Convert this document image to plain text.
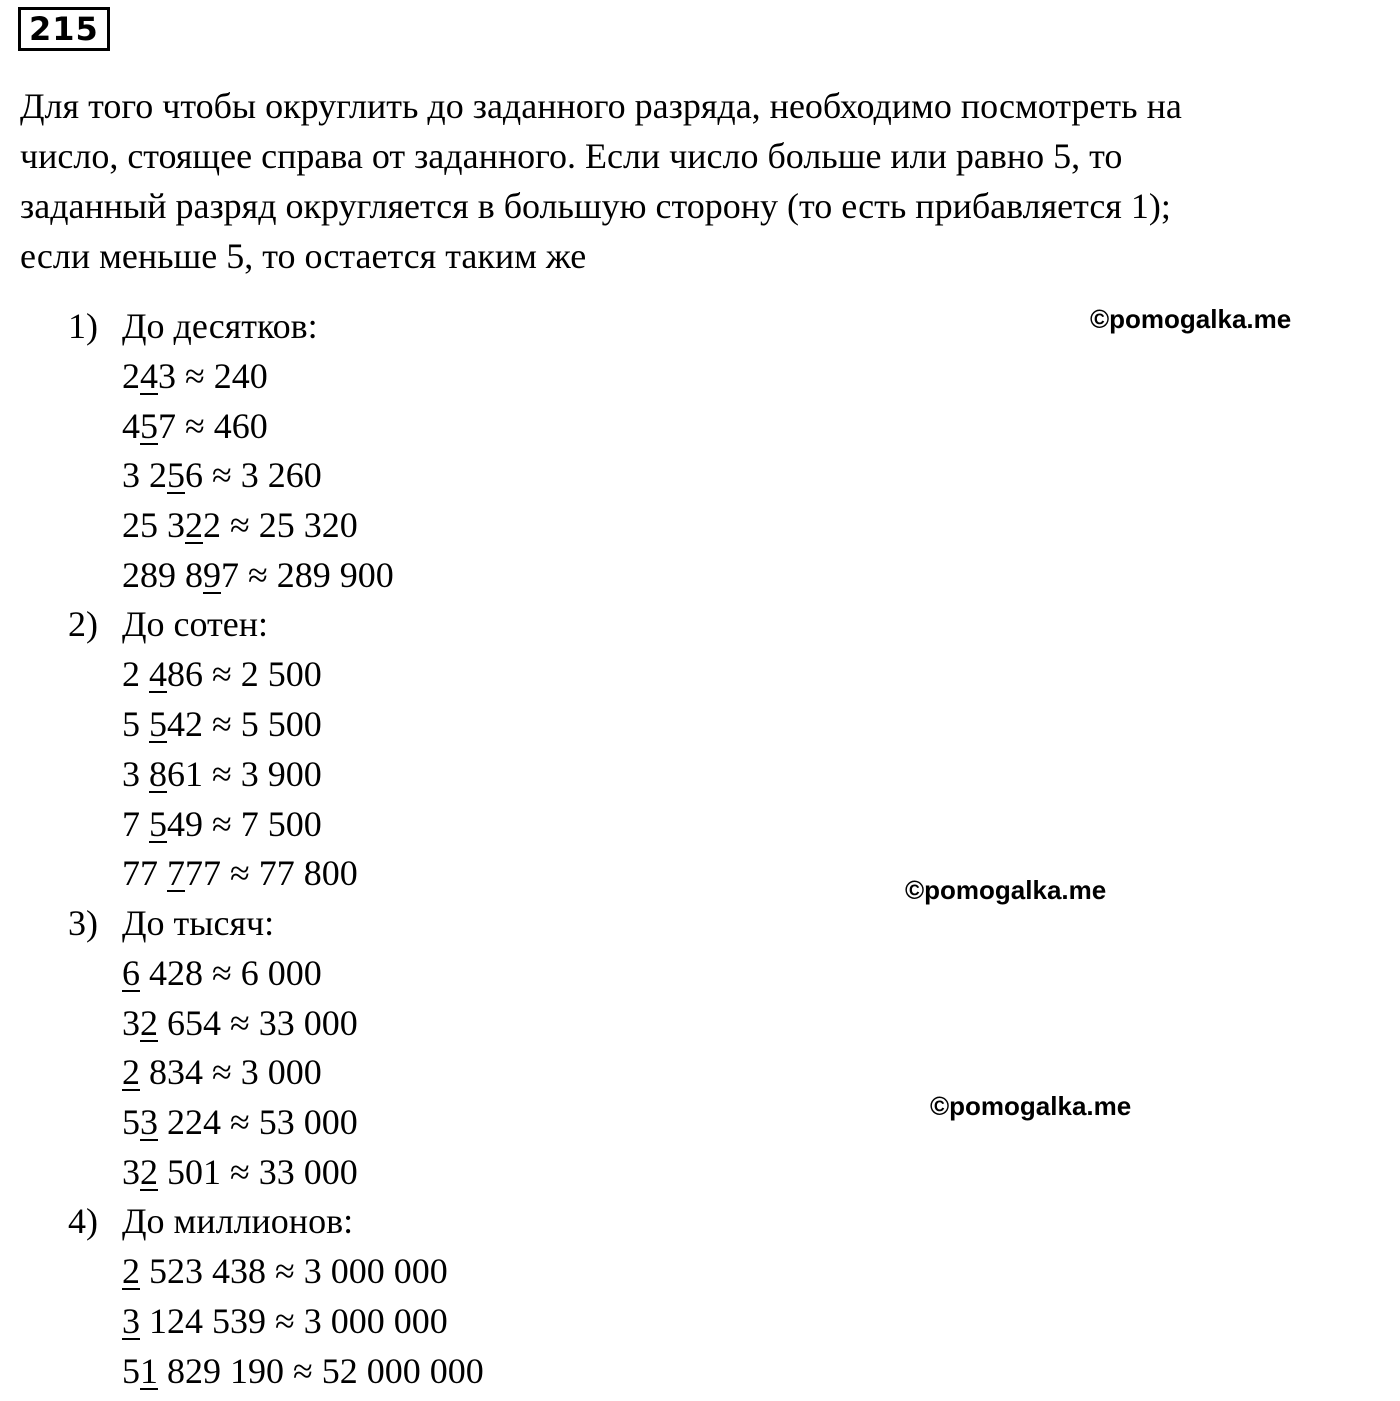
215
Для того чтобы округлить до заданного разряда, необходимо посмотреть на
число, стоящее справа от заданного. Если число больше или равно 5, то
заданный разряд округляется в большую сторону (то есть прибавляется 1);
если меньше 5, то остается таким же
1) До десятков:
243 ≈ 240
457 ≈ 460
3 256 ≈ 3 260
25 322 ≈ 25 320
289 897 ≈ 289 900
2) До сотен:
2 486 ≈ 2 500
5 542 ≈ 5 500
3 861 ≈ 3 900
7 549 ≈ 7 500
77 777 ≈ 77 800
3) До тысяч:
6 428 ≈ 6 000
32 654 ≈ 33 000
2 834 ≈ 3 000
53 224 ≈ 53 000
32 501 ≈ 33 000
4) До миллионов:
2 523 438 ≈ 3 000 000
3 124 539 ≈ 3 000 000
51 829 190 ≈ 52 000 000
©pomogalka.me
©pomogalka.me
©pomogalka.me
